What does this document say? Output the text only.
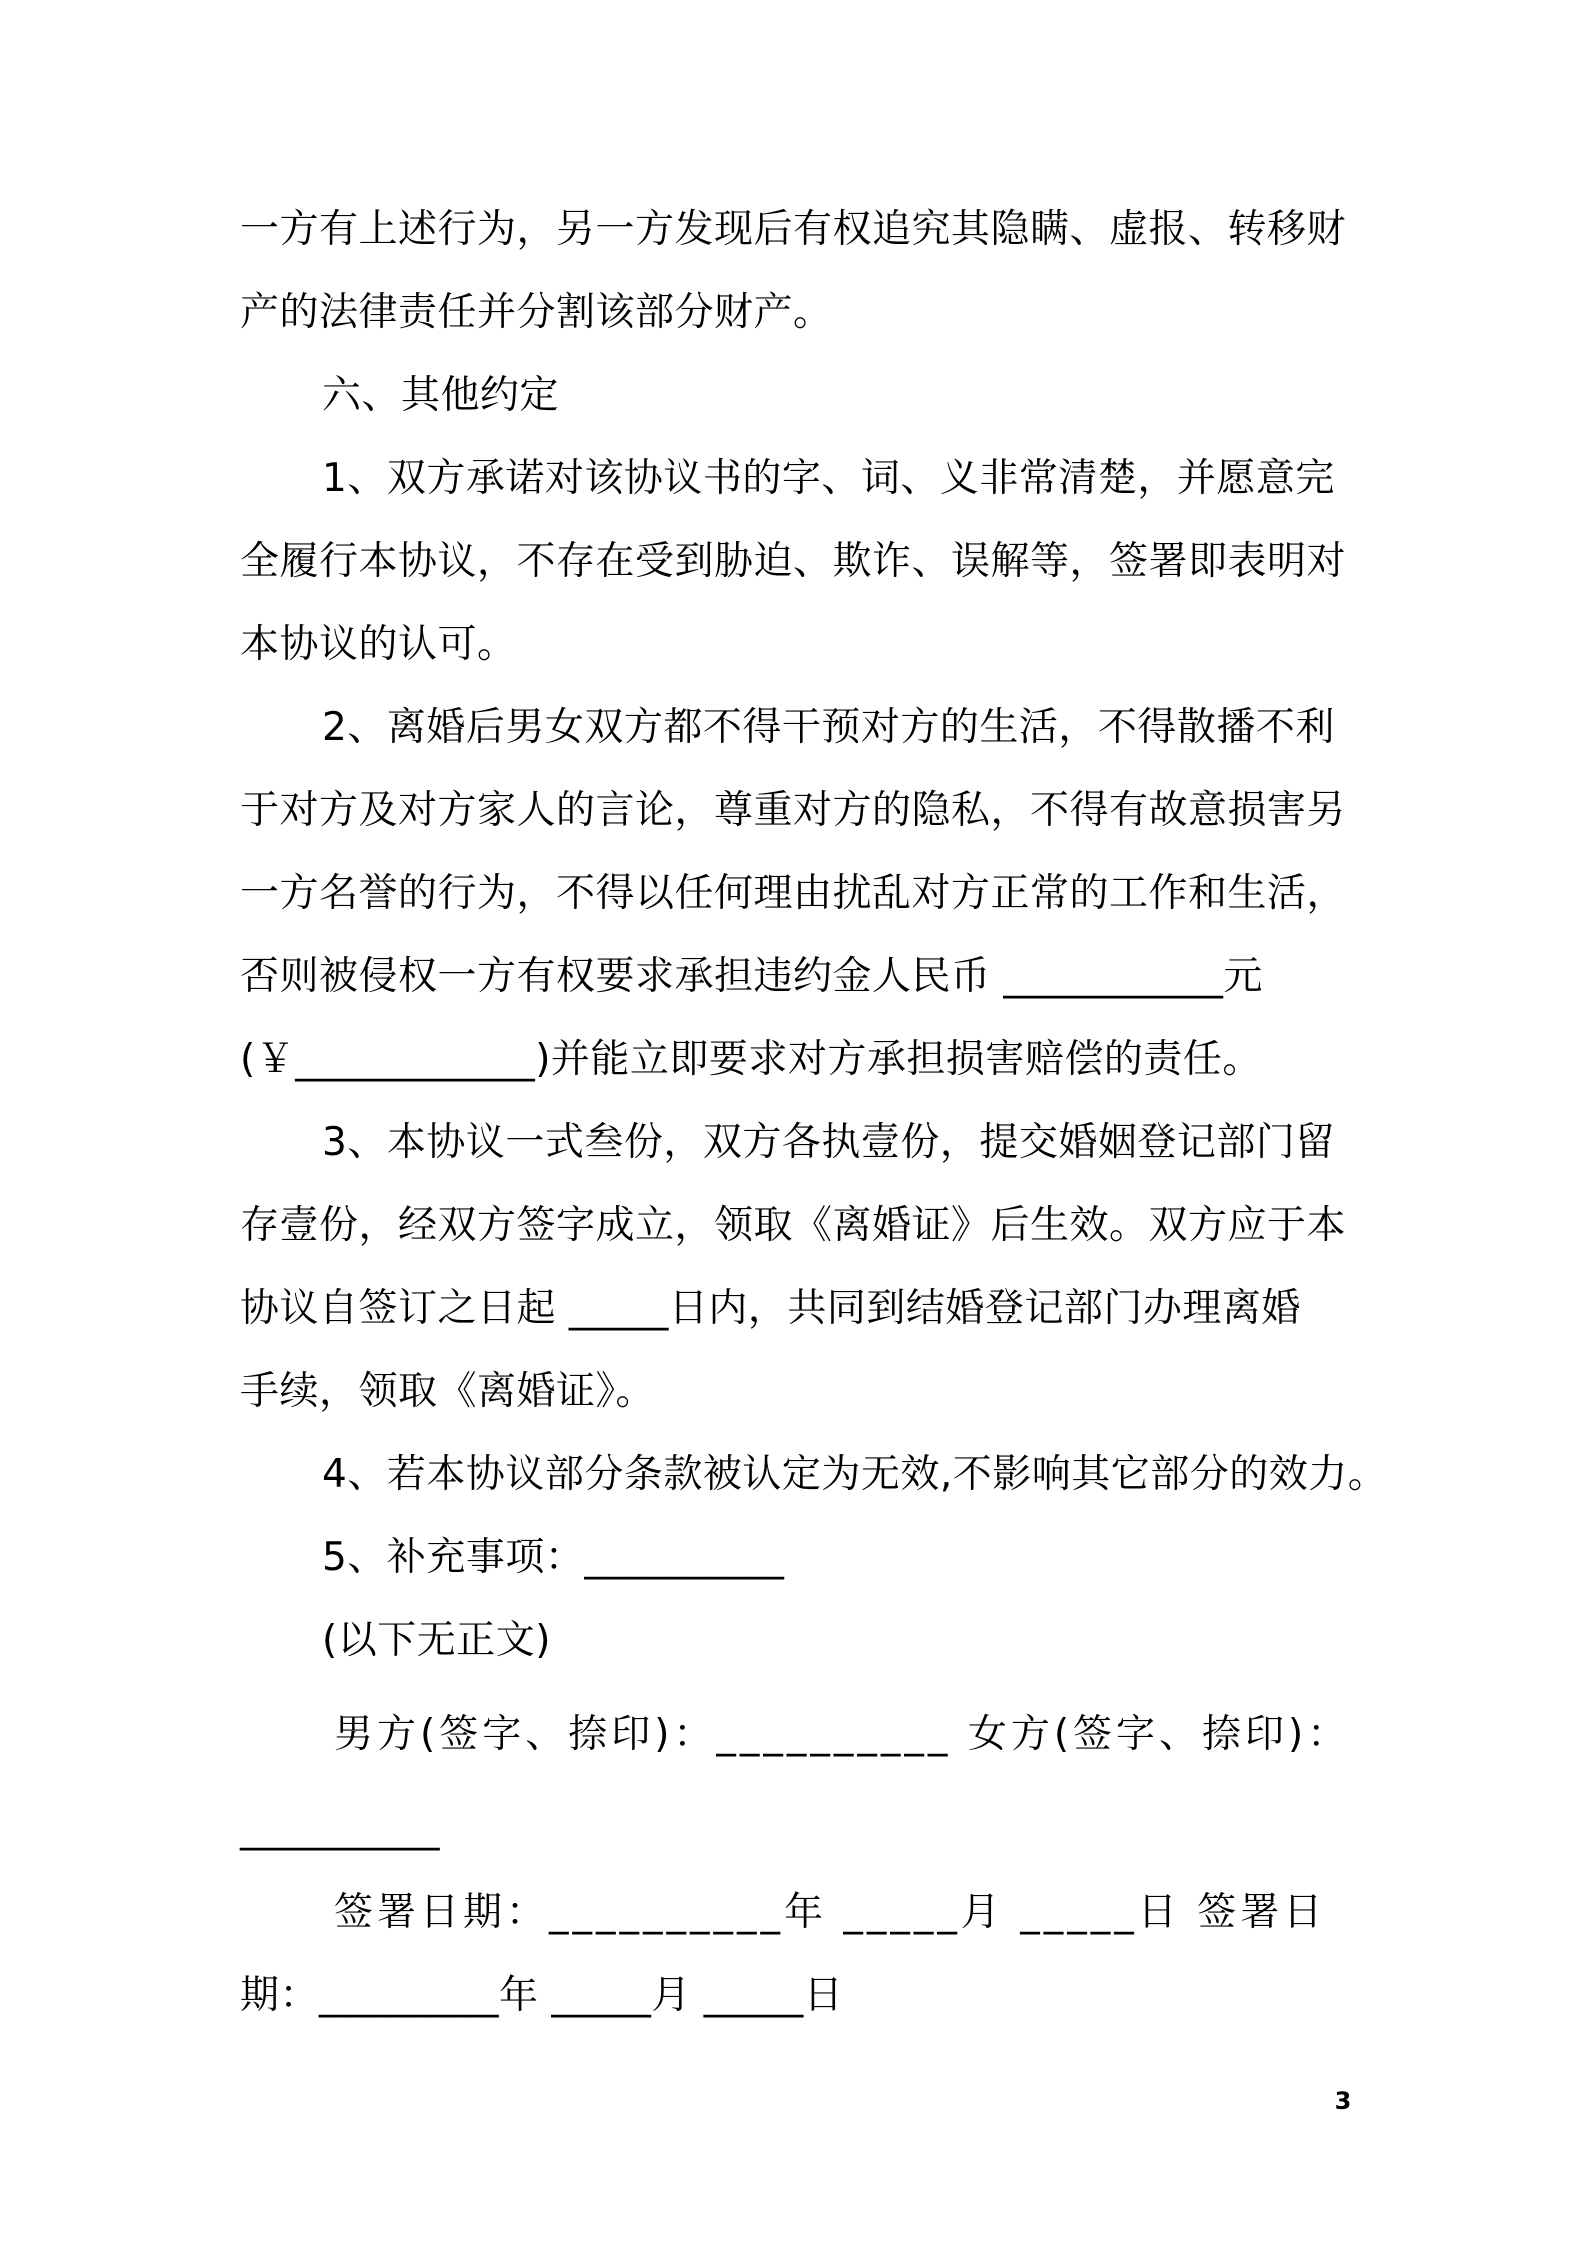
一方有上述行为，另一方发现后有权追究其隐瞒、虚报、转移财
产的法律责任并分割该部分财产。
六、其他约定
1、双方承诺对该协议书的字、词、义非常清楚，并愿意完
全履行本协议，不存在受到胁迫、欺诈、误解等，签署即表明对
本协议的认可。
2、离婚后男女双方都不得干预对方的生活，不得散播不利
于对方及对方家人的言论，尊重对方的隐私，不得有故意损害另
一方名誉的行为，不得以任何理由扰乱对方正常的工作和生活，
否则被侵权一方有权要求承担违约金人民币 ___________元
(￥____________)并能立即要求对方承担损害赔偿的责任。
3、本协议一式叁份，双方各执壹份，提交婚姻登记部门留
存壹份，经双方签字成立，领取《离婚证》后生效。双方应于本
协议自签订之日起 _____日内，共同到结婚登记部门办理离婚
手续，领取《离婚证》。
4、若本协议部分条款被认定为无效,不影响其它部分的效力。
5、补充事项：__________
(以下无正文)
男方(签字、捺印)：__________ 女方(签字、捺印)：
__________
签署日期：__________年 _____月 _____日 签署日
期：_________年 _____月 _____日
3
